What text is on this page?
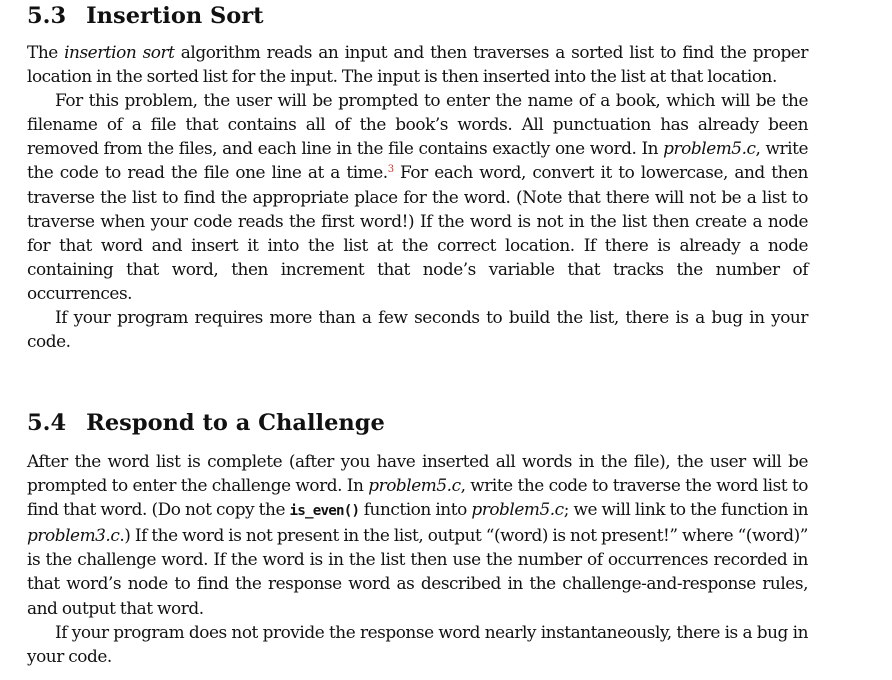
5.3 Insertion Sort

The insertion sort algorithm reads an input and then traverses a sorted list to find the proper location in the sorted list for the input. The input is then inserted into the list at that location.

For this problem, the user will be prompted to enter the name of a book, which will be the filename of a file that contains all of the book’s words. All punctuation has already been removed from the files, and each line in the file contains exactly one word. In problem5.c, write the code to read the file one line at a time.$^3$ For each word, convert it to lowercase, and then traverse the list to find the appropriate place for the word. (Note that there will not be a list to traverse when your code reads the first word!) If the word is not in the list then create a node for that word and insert it into the list at the correct location. If there is already a node containing that word, then increment that node’s variable that tracks the number of occurrences.

If your program requires more than a few seconds to build the list, there is a bug in your code.

5.4 Respond to a Challenge

After the word list is complete (after you have inserted all words in the file), the user will be prompted to enter the challenge word. In problem5.c, write the code to traverse the word list to find that word. (Do not copy the is_even() function into problem5.c; we will link to the function in problem3.c.) If the word is not present in the list, output “(word) is not present!” where “(word)” is the challenge word. If the word is in the list then use the number of occurrences recorded in that word’s node to find the response word as described in the challenge-and-response rules, and output that word.

If your program does not provide the response word nearly instantaneously, there is a bug in your code.
